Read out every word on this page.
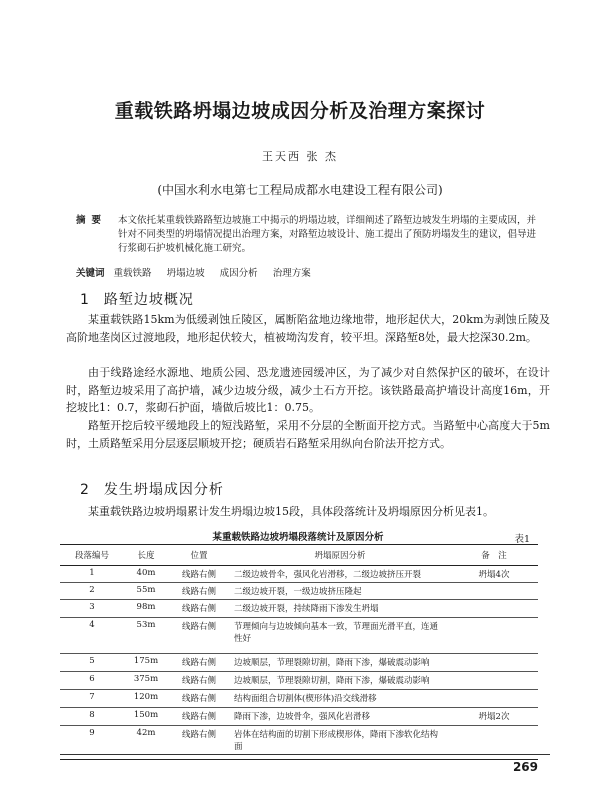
重载铁路坍塌边坡成因分析及治理方案探讨
王天西 张 杰
(中国水利水电第七工程局成都水电建设工程有限公司)
摘要 本文依托某重载铁路路堑边坡施工中揭示的坍塌边坡，详细阐述了路堑边坡发生坍塌的主要成因，并针对不同类型的坍塌情况提出治理方案，对路堑边坡设计、施工提出了预防坍塌发生的建议，倡导进行浆砌石护坡机械化施工研究。
关键词 重载铁路 坍塌边坡 成因分析 治理方案
1 路堑边坡概况

某重载铁路15km为低缓剥蚀丘陵区，属断陷盆地边缘地带，地形起伏大，20km为剥蚀丘陵及高阶地垄岗区过渡地段，地形起伏较大，植被坳沟发育，较平坦。深路堑8处，最大挖深30.2m。

由于线路途经水源地、地质公园、恐龙遗迹园缓冲区，为了减少对自然保护区的破坏，在设计时，路堑边坡采用了高护墙，减少边坡分级，减少土石方开挖。该铁路最高护墙设计高度16m，开挖坡比1：0.7，浆砌石护面，墙做后坡比1：0.75。

路堑开挖后较平缓地段上的短浅路堑，采用不分层的全断面开挖方式。当路堑中心高度大于5m时，土质路堑采用分层逐层顺坡开挖；硬质岩石路堑采用纵向台阶法开挖方式。

2 发生坍塌成因分析

某重载铁路边坡坍塌累计发生坍塌边坡15段，具体段落统计及坍塌原因分析见表1。

某重载铁路边坡坍塌段落统计及原因分析	表1
段落编号	长度	位置	坍塌原因分析	备　注
1	40m	线路右侧	二级边坡骨伞，强风化岩滑移，二级边坡挤压开裂	坍塌4次
2	55m	线路右侧	二级边坡开裂，一级边坡挤压隆起	
3	98m	线路右侧	二级边坡开裂，持续降雨下渗发生坍塌	
4	53m	线路右侧	节理倾向与边坡倾向基本一致，节理面光滑平直，连通性好	
5	175m	线路右侧	边坡顺层，节理裂隙切割，降雨下渗，爆破震动影响	
6	375m	线路右侧	边坡顺层，节理裂隙切割，降雨下渗，爆破震动影响	
7	120m	线路右侧	结构面组合切割体(楔形体)沿交线滑移	
8	150m	线路右侧	降雨下渗，边坡骨伞，强风化岩滑移	坍塌2次
9	42m	线路右侧	岩体在结构面的切割下形成楔形体，降雨下渗软化结构面	
269
